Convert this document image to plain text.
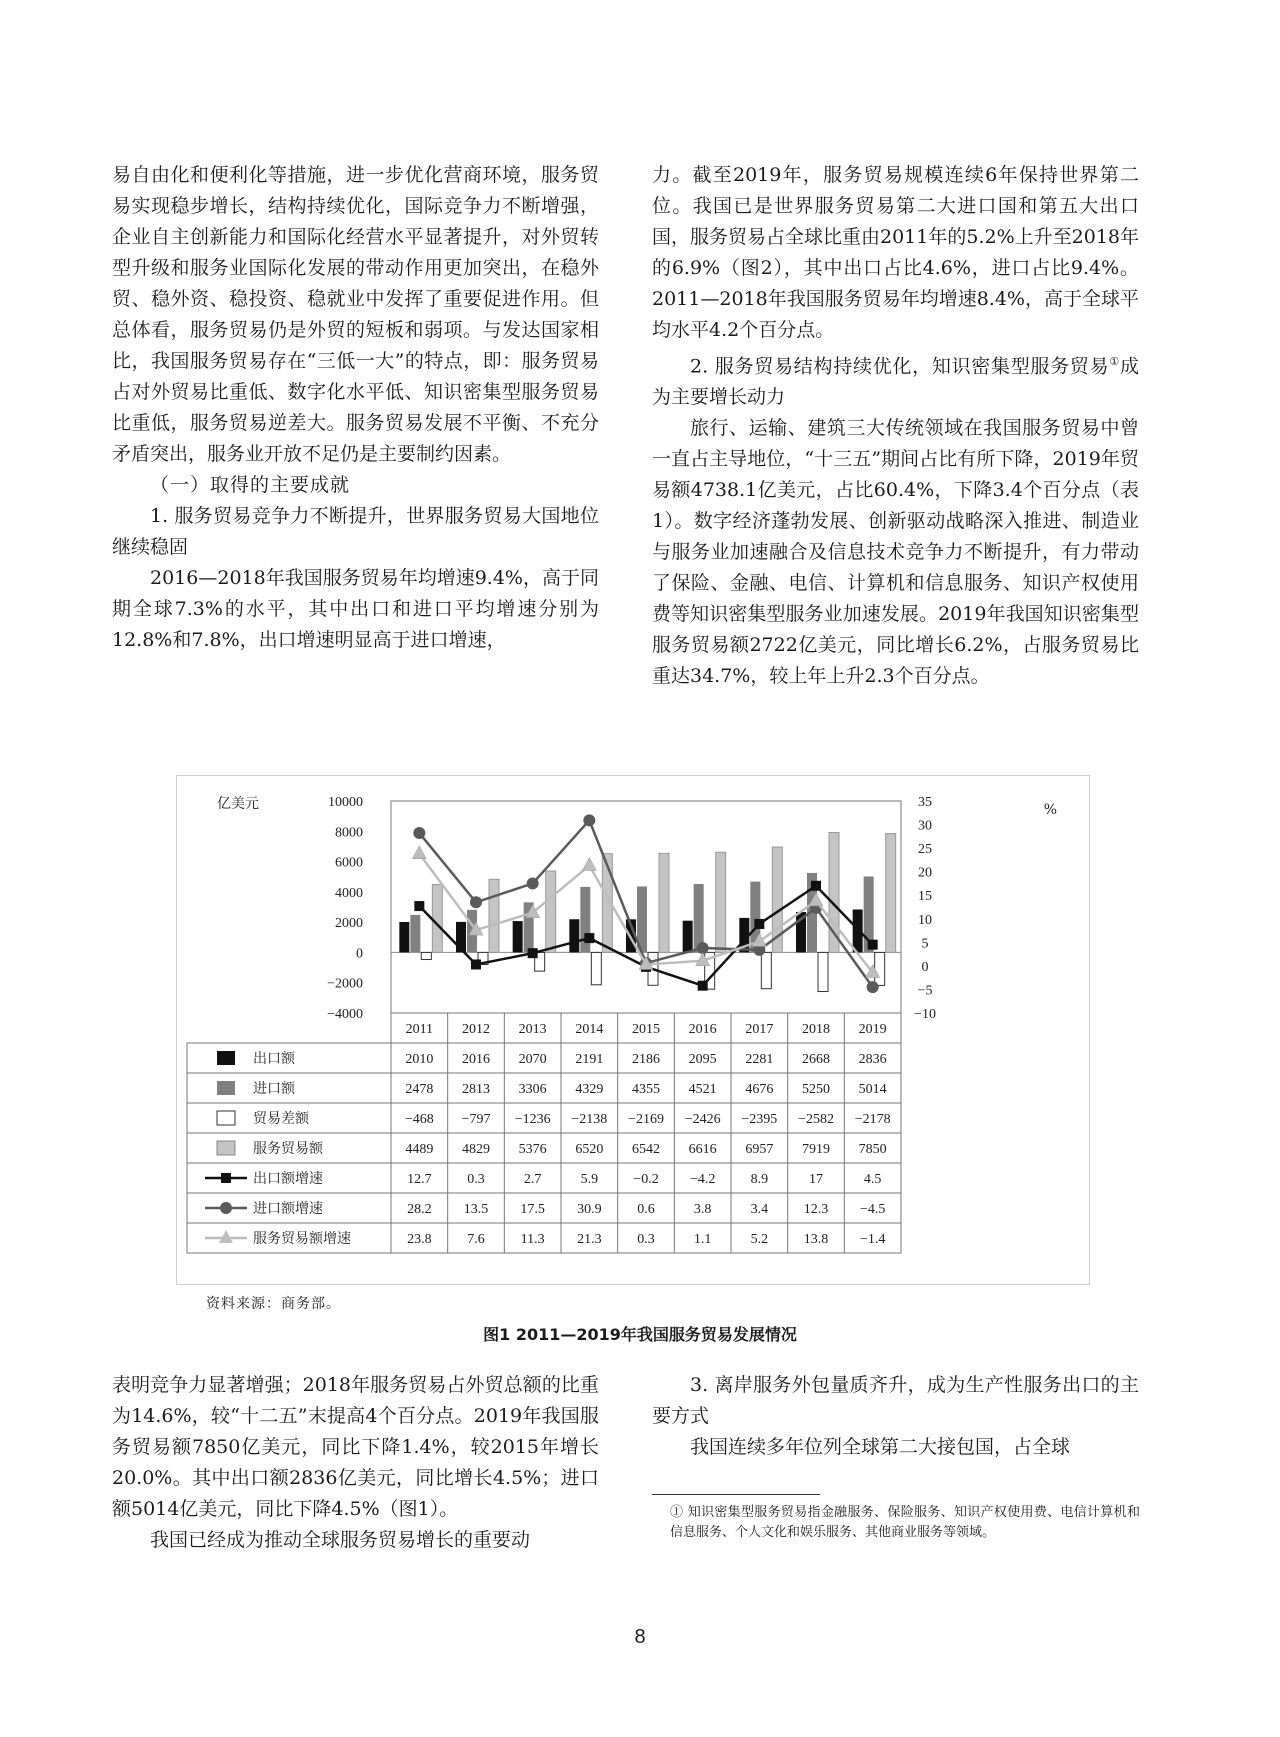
易自由化和便利化等措施，进一步优化营商环境，服务贸易实现稳步增长，结构持续优化，国际竞争力不断增强，企业自主创新能力和国际化经营水平显著提升，对外贸转型升级和服务业国际化发展的带动作用更加突出，在稳外贸、稳外资、稳投资、稳就业中发挥了重要促进作用。但总体看，服务贸易仍是外贸的短板和弱项。与发达国家相比，我国服务贸易存在“三低一大”的特点，即：服务贸易占对外贸易比重低、数字化水平低、知识密集型服务贸易比重低，服务贸易逆差大。服务贸易发展不平衡、不充分矛盾突出，服务业开放不足仍是主要制约因素。

（一）取得的主要成就

1. 服务贸易竞争力不断提升，世界服务贸易大国地位继续稳固

2016—2018年我国服务贸易年均增速9.4%，高于同期全球7.3%的水平，其中出口和进口平均增速分别为12.8%和7.8%，出口增速明显高于进口增速，

力。截至2019年，服务贸易规模连续6年保持世界第二位。我国已是世界服务贸易第二大进口国和第五大出口国，服务贸易占全球比重由2011年的5.2%上升至2018年的6.9%（图2），其中出口占比4.6%，进口占比9.4%。2011—2018年我国服务贸易年均增速8.4%，高于全球平均水平4.2个百分点。

2. 服务贸易结构持续优化，知识密集型服务贸易①成为主要增长动力

旅行、运输、建筑三大传统领域在我国服务贸易中曾一直占主导地位，“十三五”期间占比有所下降，2019年贸易额4738.1亿美元，占比60.4%，下降3.4个百分点（表1）。数字经济蓬勃发展、创新驱动战略深入推进、制造业与服务业加速融合及信息技术竞争力不断提升，有力带动了保险、金融、电信、计算机和信息服务、知识产权使用费等知识密集型服务业加速发展。2019年我国知识密集型服务贸易额2722亿美元，同比增长6.2%，占服务贸易比重达34.7%，较上年上升2.3个百分点。

亿美元	%
10000
8000
6000
4000
2000
0
−2000
−4000
35
30
25
20
15
10
5
0
−5
−10
2011 2012 2013 2014 2015 2016 2017 2018 2019
出口额	2010 2016 2070 2191 2186 2095 2281 2668 2836
进口额	2478 2813 3306 4329 4355 4521 4676 5250 5014
贸易差额	−468 −797 −1236 −2138 −2169 −2426 −2395 −2582 −2178
服务贸易额	4489 4829 5376 6520 6542 6616 6957 7919 7850
出口额增速	12.7	0.3	2.7	5.9	−0.2 −4.2	8.9	17	4.5
进口额增速	28.2 13.5 17.5 30.9	0.6	3.8	3.4	12.3 −4.5
服务贸易额增速	23.8	7.6	11.3 21.3	0.3	1.1	5.2	13.8 −1.4
资料来源：商务部。
图1 2011—2019年我国服务贸易发展情况

表明竞争力显著增强；2018年服务贸易占外贸总额的比重为14.6%，较“十二五”末提高4个百分点。2019年我国服务贸易额7850亿美元，同比下降1.4%，较2015年增长20.0%。其中出口额2836亿美元，同比增长4.5%；进口额5014亿美元，同比下降4.5%（图1）。

我国已经成为推动全球服务贸易增长的重要动

3. 离岸服务外包量质齐升，成为生产性服务出口的主要方式

我国连续多年位列全球第二大接包国，占全球

① 知识密集型服务贸易指金融服务、保险服务、知识产权使用费、电信计算机和信息服务、个人文化和娱乐服务、其他商业服务等领域。
8
